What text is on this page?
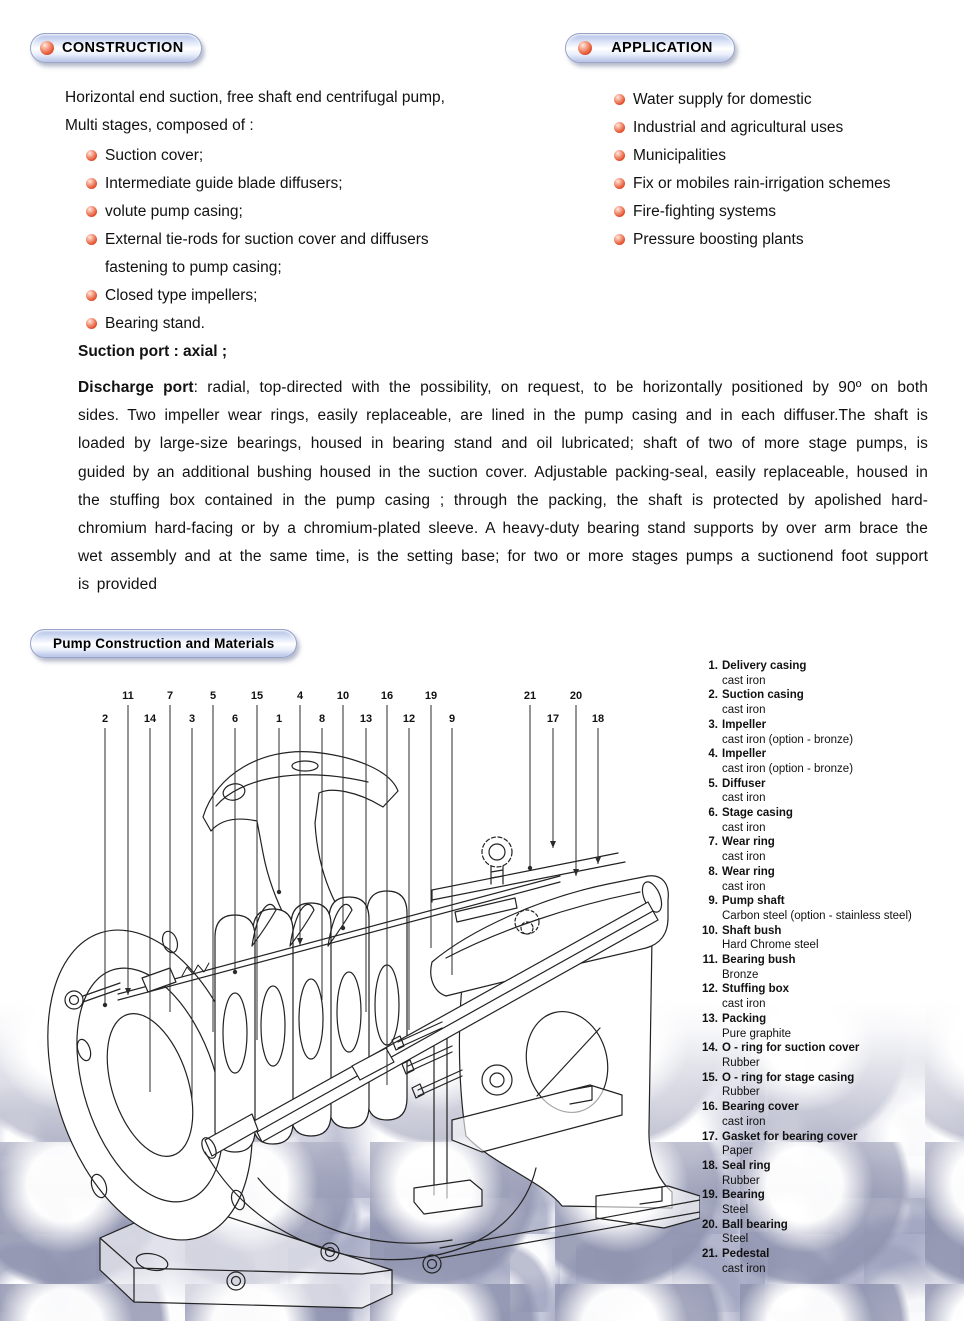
CONSTRUCTION	APPLICATION
Horizontal end suction, free shaft end centrifugal pump,
Multi stages, composed of :
Suction cover;
Intermediate guide blade diffusers;
volute pump casing;
External tie-rods for suction cover and diffusers fastening to pump casing;
Closed type impellers;
Bearing stand.
Water supply for domestic
Industrial and agricultural uses
Municipalities
Fix or mobiles rain-irrigation schemes
Fire-fighting systems
Pressure boosting plants
Suction port : axial ;
Discharge port: radial, top-directed with the possibility, on request, to be horizontally positioned by 90º on both sides. Two impeller wear rings, easily replaceable, are lined in the pump casing and in each diffuser.The shaft is loaded by large-size bearings, housed in bearing stand and oil lubricated; shaft of two of more stage pumps, is guided by an additional bushing housed in the suction cover. Adjustable packing-seal, easily replaceable, housed in the stuffing box contained in the pump casing ; through the packing, the shaft is protected by apolished hard-chromium hard-facing or by a chromium-plated sleeve. A heavy-duty bearing stand supports by over arm brace the wet assembly and at the same time, is the setting base; for two or more stages pumps a suctionend foot support is provided
Pump Construction and Materials
1. Delivery casing
cast iron
2. Suction casing
cast iron
3. Impeller
cast iron (option - bronze)
4. Impeller
cast iron (option - bronze)
5. Diffuser
cast iron
6. Stage casing
cast iron
7. Wear ring
cast iron
8. Wear ring
cast iron
9. Pump shaft
Carbon steel (option - stainless steel)
10. Shaft bush
Hard Chrome steel
11. Bearing bush
Bronze
12. Stuffing box
cast iron
13. Packing
Pure graphite
14. O - ring for suction cover
Rubber
15. O - ring for stage casing
Rubber
16. Bearing cover
cast iron
17. Gasket for bearing cover
Paper
18. Seal ring
Rubber
19. Bearing
Steel
20. Ball bearing
Steel
21. Pedestal
cast iron
2
11
14
7
3
5
6
15
1
4
8
10
13
16
12
19
9
21
17
20
18
